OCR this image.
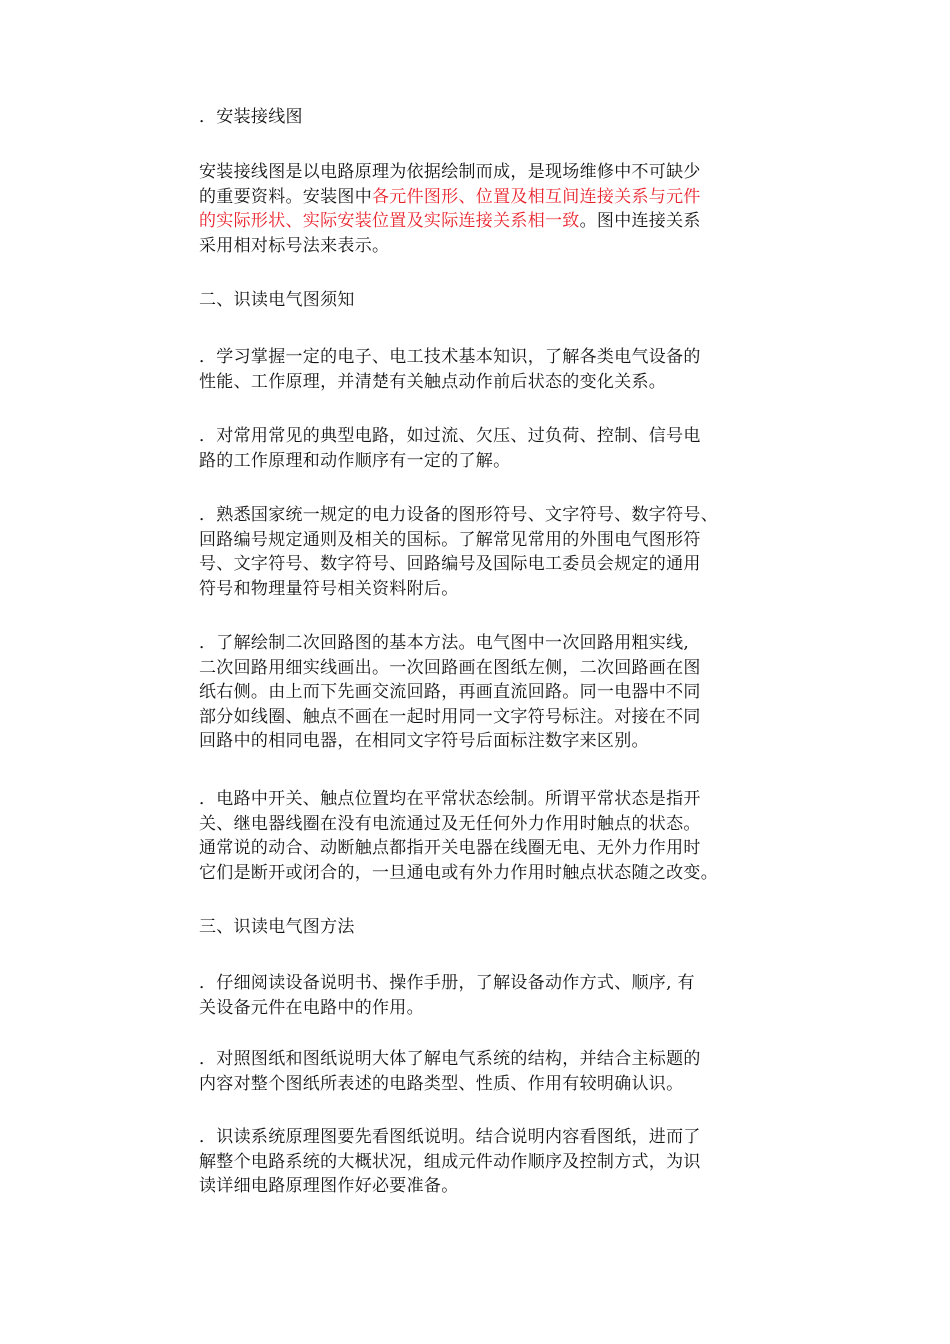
．安装接线图
安装接线图是以电路原理为依据绘制而成，是现场维修中不可缺少
的重要资料。安装图中各元件图形、位置及相互间连接关系与元件
的实际形状、实际安装位置及实际连接关系相一致。图中连接关系
采用相对标号法来表示。
二、识读电气图须知
．学习掌握一定的电子、电工技术基本知识，了解各类电气设备的
性能、工作原理，并清楚有关触点动作前后状态的变化关系。
．对常用常见的典型电路，如过流、欠压、过负荷、控制、信号电
路的工作原理和动作顺序有一定的了解。
．熟悉国家统一规定的电力设备的图形符号、文字符号、数字符号、
回路编号规定通则及相关的国标。了解常见常用的外围电气图形符
号、文字符号、数字符号、回路编号及国际电工委员会规定的通用
符号和物理量符号相关资料附后。
．了解绘制二次回路图的基本方法。电气图中一次回路用粗实线,
二次回路用细实线画出。一次回路画在图纸左侧，二次回路画在图
纸右侧。由上而下先画交流回路，再画直流回路。同一电器中不同
部分如线圈、触点不画在一起时用同一文字符号标注。对接在不同
回路中的相同电器，在相同文字符号后面标注数字来区别。
．电路中开关、触点位置均在平常状态绘制。所谓平常状态是指开
关、继电器线圈在没有电流通过及无任何外力作用时触点的状态。
通常说的动合、动断触点都指开关电器在线圈无电、无外力作用时
它们是断开或闭合的，一旦通电或有外力作用时触点状态随之改变。
三、识读电气图方法
．仔细阅读设备说明书、操作手册，了解设备动作方式、顺序, 有
关设备元件在电路中的作用。
．对照图纸和图纸说明大体了解电气系统的结构，并结合主标题的
内容对整个图纸所表述的电路类型、性质、作用有较明确认识。
．识读系统原理图要先看图纸说明。结合说明内容看图纸，进而了
解整个电路系统的大概状况，组成元件动作顺序及控制方式，为识
读详细电路原理图作好必要准备。
